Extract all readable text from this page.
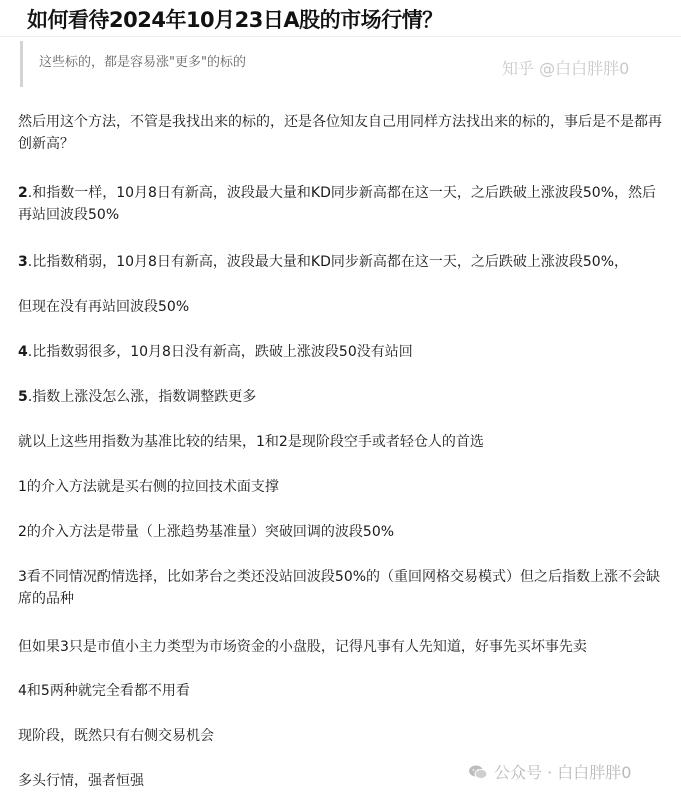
如何看待2024年10月23日A股的市场行情？
这些标的，都是容易涨"更多"的标的	知乎 @白白胖胖0
然后用这个方法，不管是我找出来的标的，还是各位知友自己用同样方法找出来的标的，事后是不是都再创新高？
2.和指数一样，10月8日有新高，波段最大量和KD同步新高都在这一天，之后跌破上涨波段50%，然后再站回波段50%
3.比指数稍弱，10月8日有新高，波段最大量和KD同步新高都在这一天，之后跌破上涨波段50%，
但现在没有再站回波段50%
4.比指数弱很多，10月8日没有新高，跌破上涨波段50没有站回
5.指数上涨没怎么涨，指数调整跌更多
就以上这些用指数为基准比较的结果，1和2是现阶段空手或者轻仓人的首选
1的介入方法就是买右侧的拉回技术面支撑
2的介入方法是带量（上涨趋势基准量）突破回调的波段50%
3看不同情况酌情选择，比如茅台之类还没站回波段50%的（重回网格交易模式）但之后指数上涨不会缺席的品种
但如果3只是市值小主力类型为市场资金的小盘股，记得凡事有人先知道，好事先买坏事先卖
4和5两种就完全看都不用看
现阶段，既然只有右侧交易机会
多头行情，强者恒强	公众号 · 白白胖胖0
